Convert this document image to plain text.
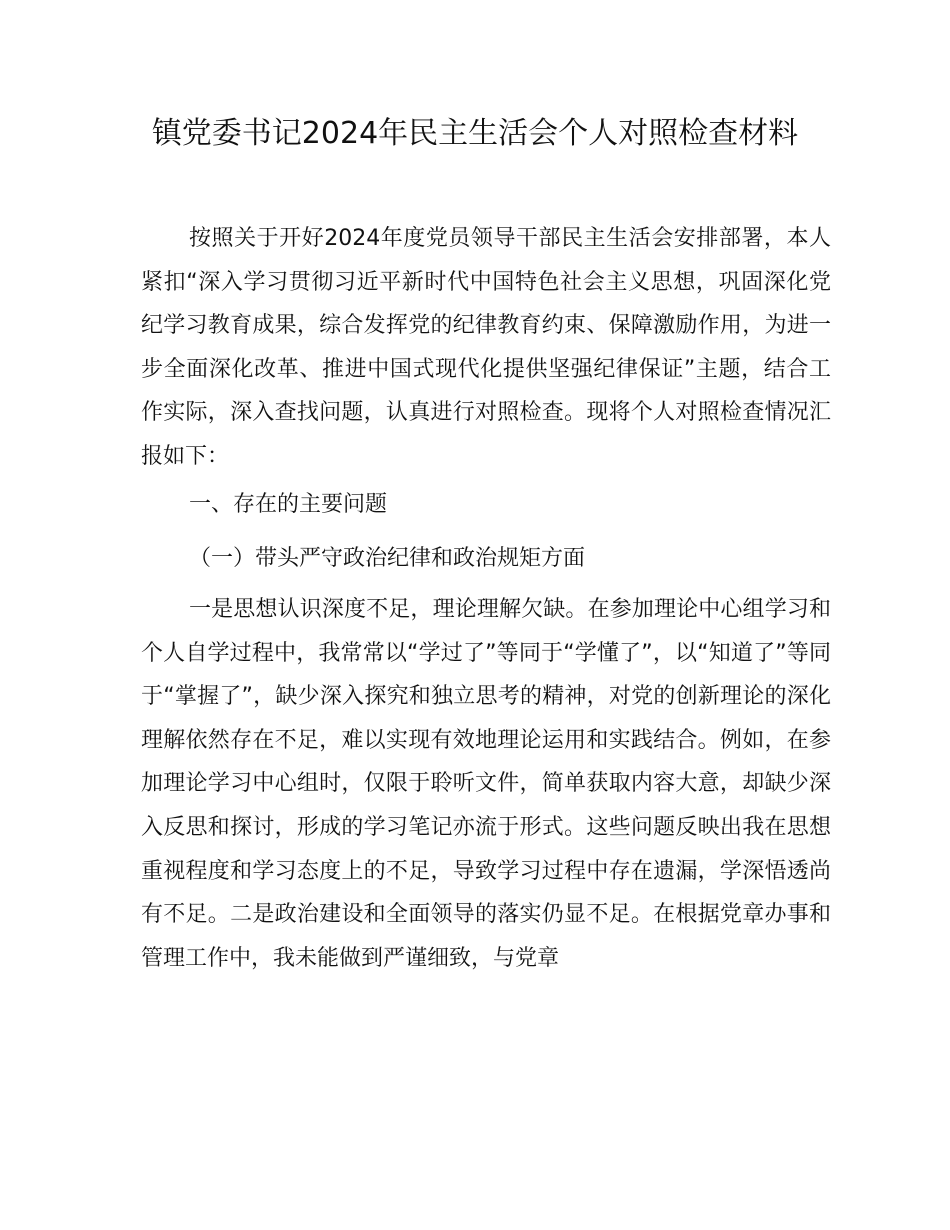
镇党委书记2024年民主生活会个人对照检查材料

按照关于开好2024年度党员领导干部民主生活会安排部署，本人紧扣“深入学习贯彻习近平新时代中国特色社会主义思想，巩固深化党纪学习教育成果，综合发挥党的纪律教育约束、保障激励作用，为进一步全面深化改革、推进中国式现代化提供坚强纪律保证”主题，结合工作实际，深入查找问题，认真进行对照检查。现将个人对照检查情况汇报如下：

一、存在的主要问题

（一）带头严守政治纪律和政治规矩方面

一是思想认识深度不足，理论理解欠缺。在参加理论中心组学习和个人自学过程中，我常常以“学过了”等同于“学懂了”，以“知道了”等同于“掌握了”，缺少深入探究和独立思考的精神，对党的创新理论的深化理解依然存在不足，难以实现有效地理论运用和实践结合。例如，在参加理论学习中心组时，仅限于聆听文件，简单获取内容大意，却缺少深入反思和探讨，形成的学习笔记亦流于形式。这些问题反映出我在思想重视程度和学习态度上的不足，导致学习过程中存在遗漏，学深悟透尚有不足。二是政治建设和全面领导的落实仍显不足。在根据党章办事和管理工作中，我未能做到严谨细致，与党章
